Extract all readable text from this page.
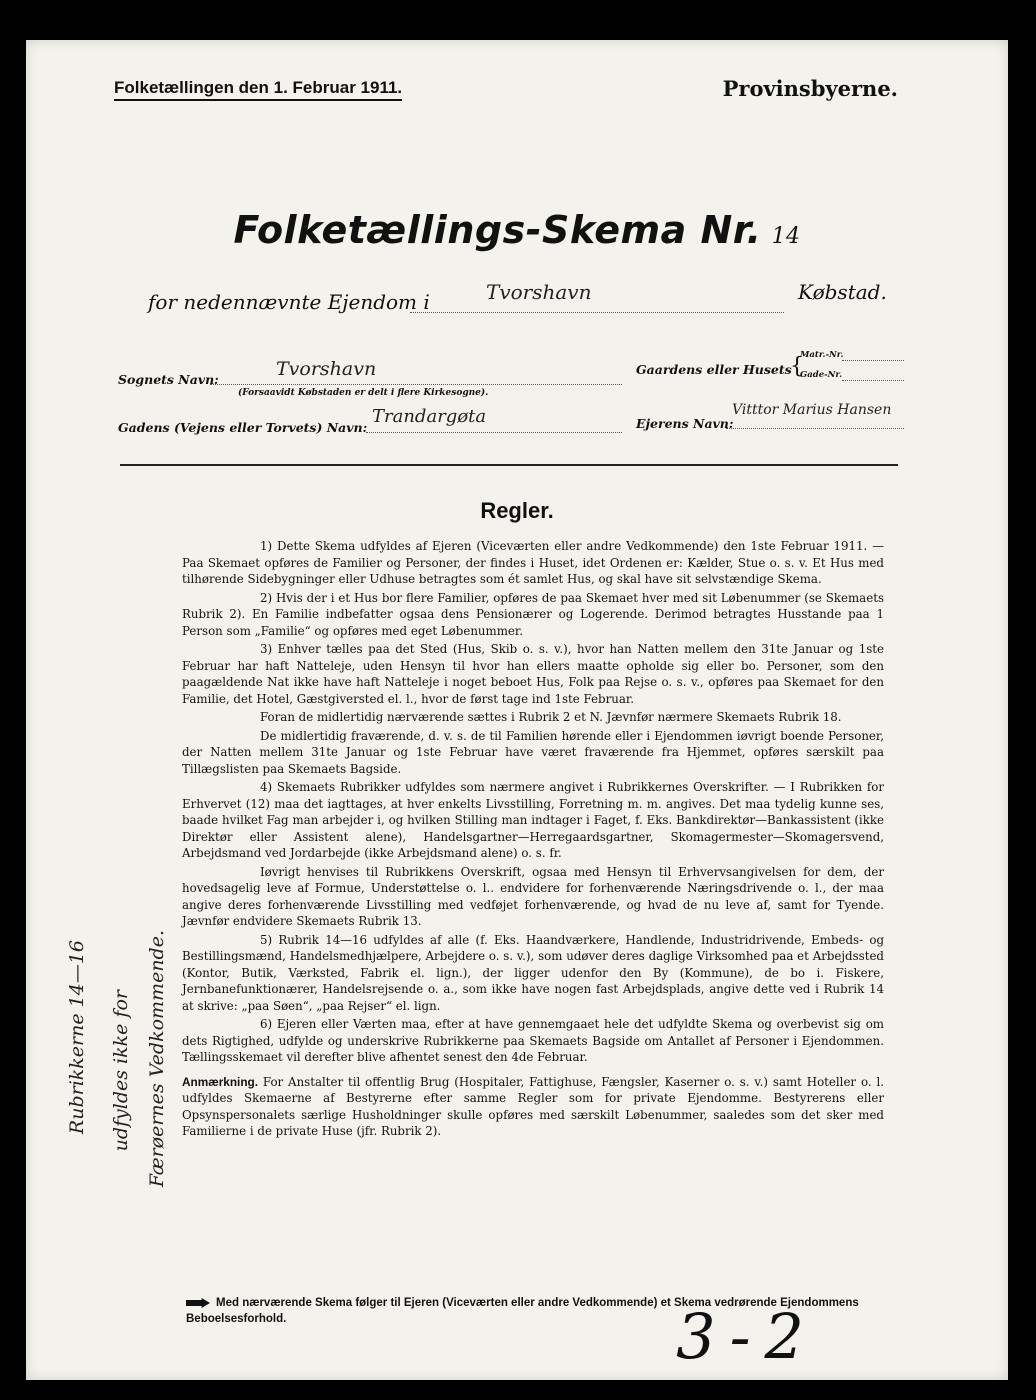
Folketællingen den 1. Februar 1911.	Provinsbyerne.
Folketællings-Skema Nr. 14
for nedennævnte Ejendom i	Tvorshavn	Købstad.
Sognets Navn:	Tvorshavn
(Forsaavidt Købstaden er delt i flere Kirkesogne).
Gaardens eller Husets
{
Matr.-Nr.
Gade-Nr.
Gadens (Vejens eller Torvets) Navn:
Trandargøta	Ejerens Navn:
Vitttor Marius Hansen
Regler.

1) Dette Skema udfyldes af Ejeren (Viceværten eller andre Vedkommende) den 1ste Februar 1911. — Paa Skemaet opføres de Familier og Personer, der findes i Huset, idet Ordenen er: Kælder, Stue o. s. v. Et Hus med tilhørende Sidebygninger eller Udhuse betragtes som ét samlet Hus, og skal have sit selvstændige Skema.

2) Hvis der i et Hus bor flere Familier, opføres de paa Skemaet hver med sit Løbenummer (se Skemaets Rubrik 2). En Familie indbefatter ogsaa dens Pensionærer og Logerende. Derimod betragtes Husstande paa 1 Person som „Familie“ og opføres med eget Løbenummer.

3) Enhver tælles paa det Sted (Hus, Skib o. s. v.), hvor han Natten mellem den 31te Januar og 1ste Februar har haft Natteleje, uden Hensyn til hvor han ellers maatte opholde sig eller bo. Personer, som den paagældende Nat ikke have haft Natteleje i noget beboet Hus, Folk paa Rejse o. s. v., opføres paa Skemaet for den Familie, det Hotel, Gæstgiversted el. l., hvor de først tage ind 1ste Februar.

Foran de midlertidig nærværende sættes i Rubrik 2 et N. Jævnfør nærmere Skemaets Rubrik 18.

De midlertidig fraværende, d. v. s. de til Familien hørende eller i Ejendommen iøvrigt boende Personer, der Natten mellem 31te Januar og 1ste Februar have været fraværende fra Hjemmet, opføres særskilt paa Tillægslisten paa Skemaets Bagside.

4) Skemaets Rubrikker udfyldes som nærmere angivet i Rubrikkernes Overskrifter. — I Rubrikken for Erhvervet (12) maa det iagttages, at hver enkelts Livsstilling, Forretning m. m. angives. Det maa tydelig kunne ses, baade hvilket Fag man arbejder i, og hvilken Stilling man indtager i Faget, f. Eks. Bankdirektør—Bankassistent (ikke Direktør eller Assistent alene), Handelsgartner—Herregaardsgartner, Skomagermester—Skomagersvend, Arbejdsmand ved Jordarbejde (ikke Arbejdsmand alene) o. s. fr.

Iøvrigt henvises til Rubrikkens Overskrift, ogsaa med Hensyn til Erhvervsangivelsen for dem, der hovedsagelig leve af Formue, Understøttelse o. l.. endvidere for forhenværende Næringsdrivende o. l., der maa angive deres forhenværende Livsstilling med vedføjet forhenværende, og hvad de nu leve af, samt for Tyende. Jævnfør endvidere Skemaets Rubrik 13.

5) Rubrik 14—16 udfyldes af alle (f. Eks. Haandværkere, Handlende, Industridrivende, Embeds- og Bestillingsmænd, Handelsmedhjælpere, Arbejdere o. s. v.), som udøver deres daglige Virksomhed paa et Arbejdssted (Kontor, Butik, Værksted, Fabrik el. lign.), der ligger udenfor den By (Kommune), de bo i. Fiskere, Jernbanefunktionærer, Handelsrejsende o. a., som ikke have nogen fast Arbejdsplads, angive dette ved i Rubrik 14 at skrive: „paa Søen“, „paa Rejser“ el. lign.

6) Ejeren eller Værten maa, efter at have gennemgaaet hele det udfyldte Skema og overbevist sig om dets Rigtighed, udfylde og underskrive Rubrikkerne paa Skemaets Bagside om Antallet af Personer i Ejendommen. Tællingsskemaet vil derefter blive afhentet senest den 4de Februar.

Anmærkning. For Anstalter til offentlig Brug (Hospitaler, Fattighuse, Fængsler, Kaserner o. s. v.) samt Hoteller o. l. udfyldes Skemaerne af Bestyrerne efter samme Regler som for private Ejendomme. Bestyrerens eller Opsynspersonalets særlige Husholdninger skulle opføres med særskilt Løbenummer, saaledes som det sker med Familierne i de private Huse (jfr. Rubrik 2).

Rubrikkerne 14—16 udfyldes ikke for Færøernes Vedkommende.
Med nærværende Skema følger til Ejeren (Viceværten eller andre Vedkommende) et Skema vedrørende Ejendommens Beboelsesforhold.	3-2
